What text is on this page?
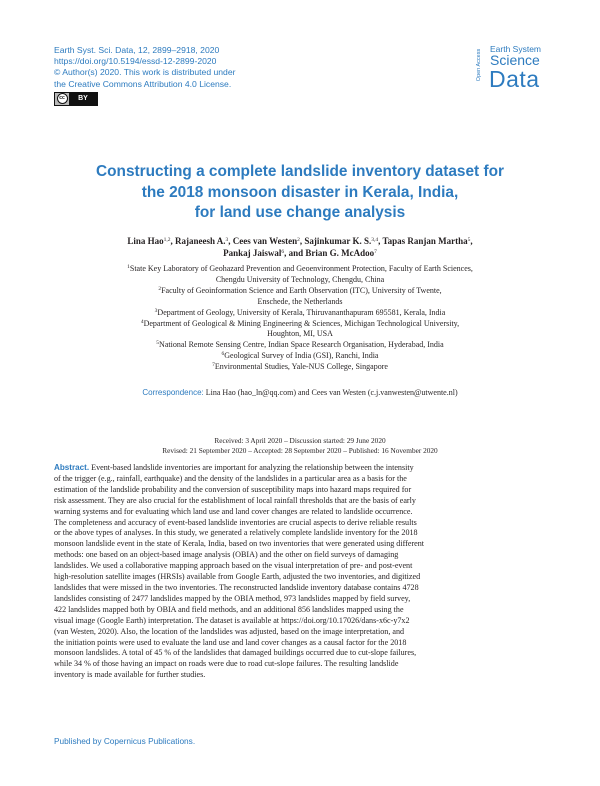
Earth Syst. Sci. Data, 12, 2899–2918, 2020
https://doi.org/10.5194/essd-12-2899-2020
© Author(s) 2020. This work is distributed under
the Creative Commons Attribution 4.0 License.
cc	BY
Open Access Earth System
Science
Data
Constructing a complete landslide inventory dataset for
the 2018 monsoon disaster in Kerala, India,
for land use change analysis
Lina Hao$^{1,2}$, Rajaneesh A.$^3$, Cees van Westen$^2$, Sajinkumar K. S.$^{3,4}$, Tapas Ranjan Martha$^5$,
Pankaj Jaiswal$^6$, and Brian G. McAdoo$^7$
$^1$State Key Laboratory of Geohazard Prevention and Geoenvironment Protection, Faculty of Earth Sciences,
Chengdu University of Technology, Chengdu, China
$^2$Faculty of Geoinformation Science and Earth Observation (ITC), University of Twente,
Enschede, the Netherlands
$^3$Department of Geology, University of Kerala, Thiruvananthapuram 695581, Kerala, India
$^4$Department of Geological & Mining Engineering & Sciences, Michigan Technological University,
Houghton, MI, USA
$^5$National Remote Sensing Centre, Indian Space Research Organisation, Hyderabad, India
$^6$Geological Survey of India (GSI), Ranchi, India
$^7$Environmental Studies, Yale-NUS College, Singapore
Correspondence: Lina Hao (hao_ln@qq.com) and Cees van Westen (c.j.vanwesten@utwente.nl)
Received: 3 April 2020 – Discussion started: 29 June 2020
Revised: 21 September 2020 – Accepted: 28 September 2020 – Published: 16 November 2020
Abstract. Event-based landslide inventories are important for analyzing the relationship between the intensity
of the trigger (e.g., rainfall, earthquake) and the density of the landslides in a particular area as a basis for the
estimation of the landslide probability and the conversion of susceptibility maps into hazard maps required for
risk assessment. They are also crucial for the establishment of local rainfall thresholds that are the basis of early
warning systems and for evaluating which land use and land cover changes are related to landslide occurrence.
The completeness and accuracy of event-based landslide inventories are crucial aspects to derive reliable results
or the above types of analyses. In this study, we generated a relatively complete landslide inventory for the 2018
monsoon landslide event in the state of Kerala, India, based on two inventories that were generated using different
methods: one based on an object-based image analysis (OBIA) and the other on field surveys of damaging
landslides. We used a collaborative mapping approach based on the visual interpretation of pre- and post-event
high-resolution satellite images (HRSIs) available from Google Earth, adjusted the two inventories, and digitized
landslides that were missed in the two inventories. The reconstructed landslide inventory database contains 4728
landslides consisting of 2477 landslides mapped by the OBIA method, 973 landslides mapped by field survey,
422 landslides mapped both by OBIA and field methods, and an additional 856 landslides mapped using the
visual image (Google Earth) interpretation. The dataset is available at https://doi.org/10.17026/dans-x6c-y7x2
(van Westen, 2020). Also, the location of the landslides was adjusted, based on the image interpretation, and
the initiation points were used to evaluate the land use and land cover changes as a causal factor for the 2018
monsoon landslides. A total of 45 % of the landslides that damaged buildings occurred due to cut-slope failures,
while 34 % of those having an impact on roads were due to road cut-slope failures. The resulting landslide
inventory is made available for further studies.
Published by Copernicus Publications.
